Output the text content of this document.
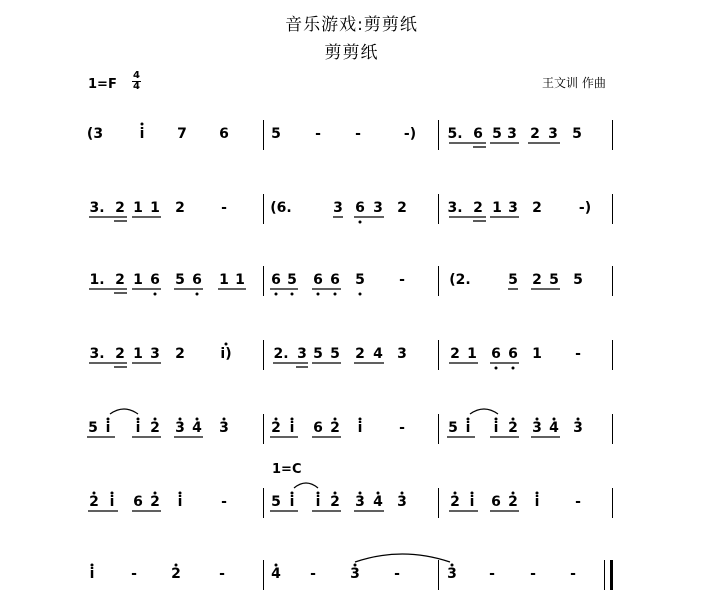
音乐游戏:剪剪纸
剪剪纸
1=F
4
4	王文训 作曲
1=C
(3	i 7 6	5 - -	-) 5. 6 5 3 2 3 5
3. 2 1 1 2	-	(6.	3 6 3 2	3. 2 1 3 2	-)
1. 2 1 6 5 6 1 1 6 5 6 6 5 -	(2.	5 2 5 5
3. 2 1 3 2	i)	2. 3 5 5 2 4 3	2 1 6 6 1 -
5 i i 2 3 4 3	2 i 6 2 i	-	5 i i 2 3 4 3
2 i 6 2 i	-	5 i i 2 3 4 3	2 i 6 2 i	-
i	- 2	-	4 - 3 -	3 -	- -
